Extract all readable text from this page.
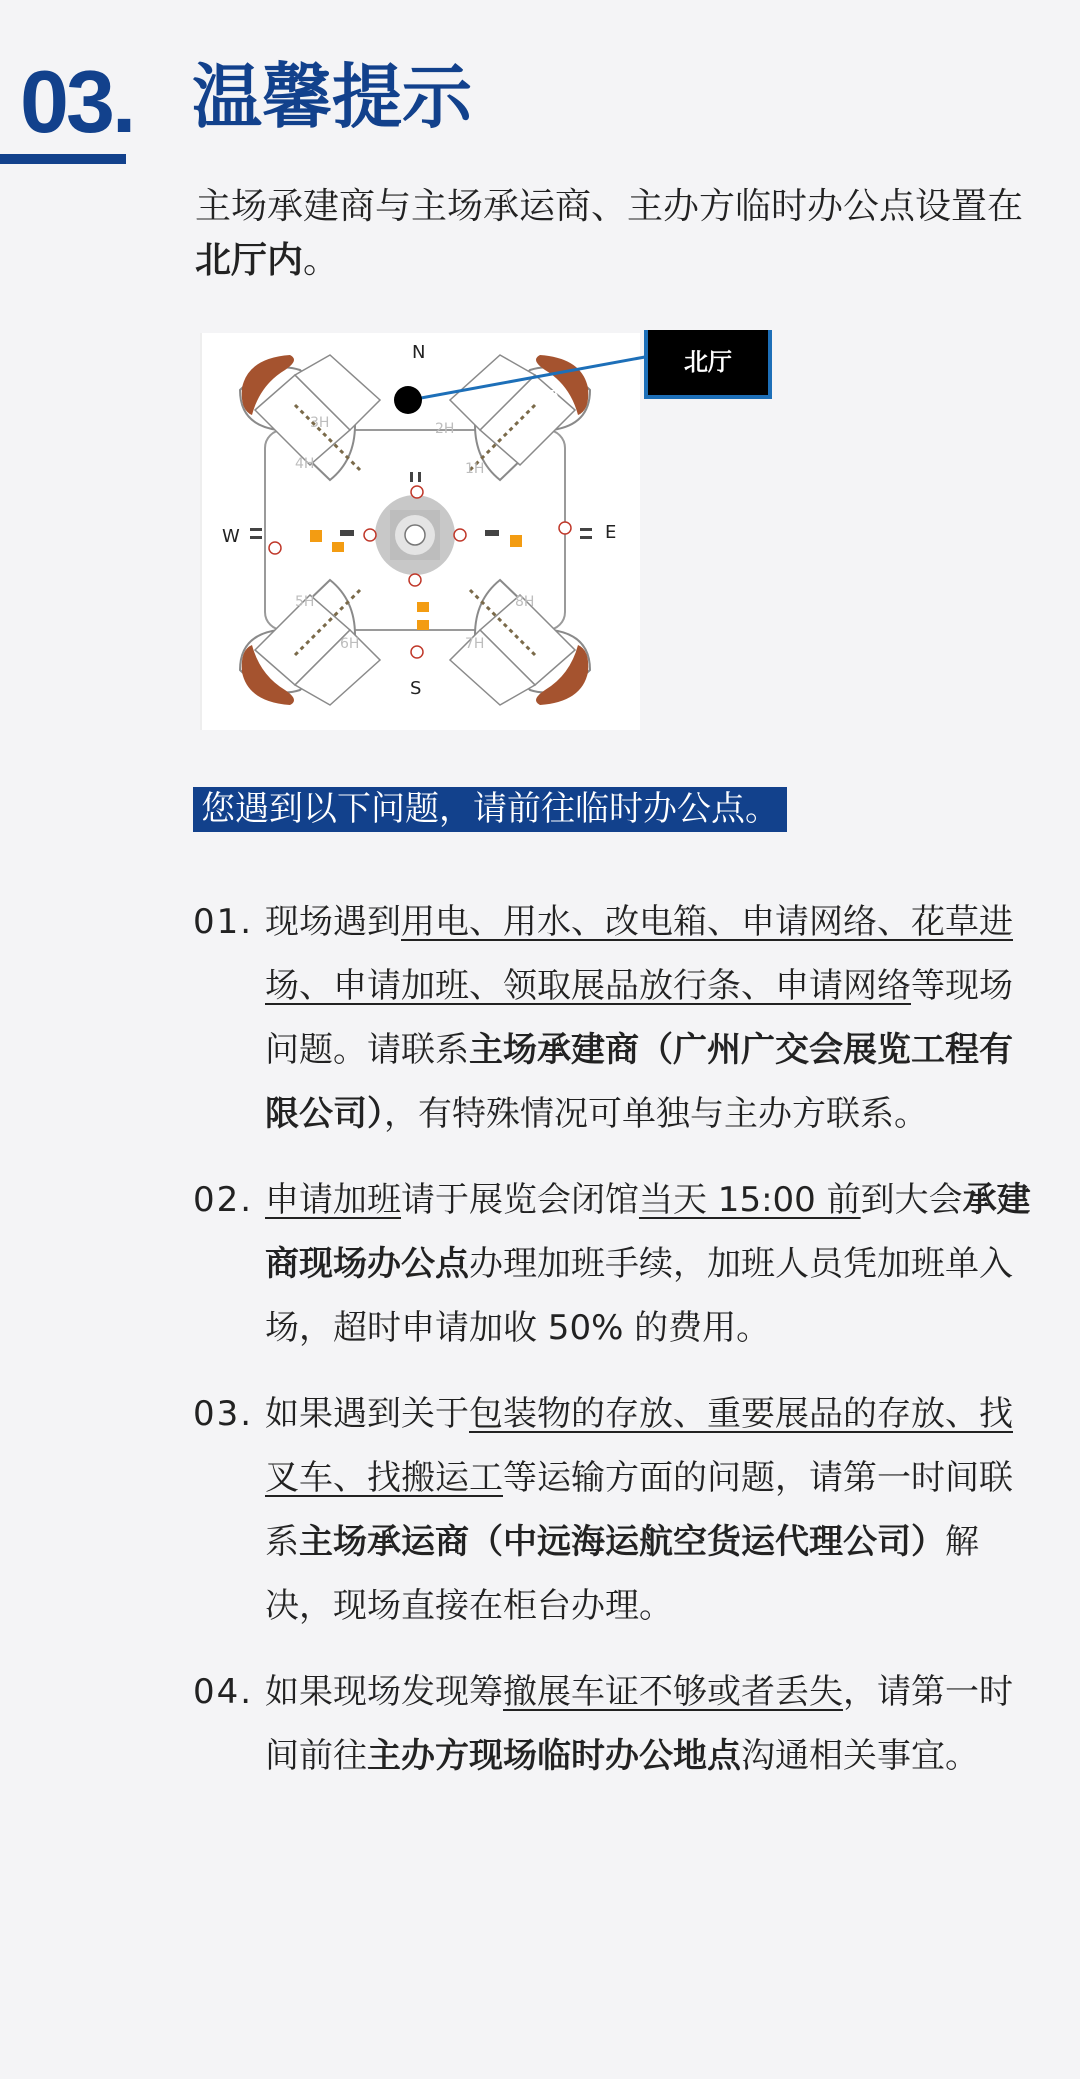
03. 温馨提示
主场承建商与主场承运商、主办方临时办公点设置在北厅内。
3H
4H
2H
1H
5H
6H
8H
7H
N
S
W	E
A	B
C
北厅
您遇到以下问题，请前往临时办公点。
01. 现场遇到用电、用水、改电箱、申请网络、花草进场、申请加班、领取展品放行条、申请网络等现场问题。请联系主场承建商（广州广交会展览工程有限公司），有特殊情况可单独与主办方联系。
02. 申请加班请于展览会闭馆当天 15:00 前到大会承建商现场办公点办理加班手续，加班人员凭加班单入场，超时申请加收 50% 的费用。
03. 如果遇到关于包装物的存放、重要展品的存放、找叉车、找搬运工等运输方面的问题，请第一时间联系主场承运商（中远海运航空货运代理公司）解决，现场直接在柜台办理。
04. 如果现场发现筹撤展车证不够或者丢失，请第一时间前往主办方现场临时办公地点沟通相关事宜。
